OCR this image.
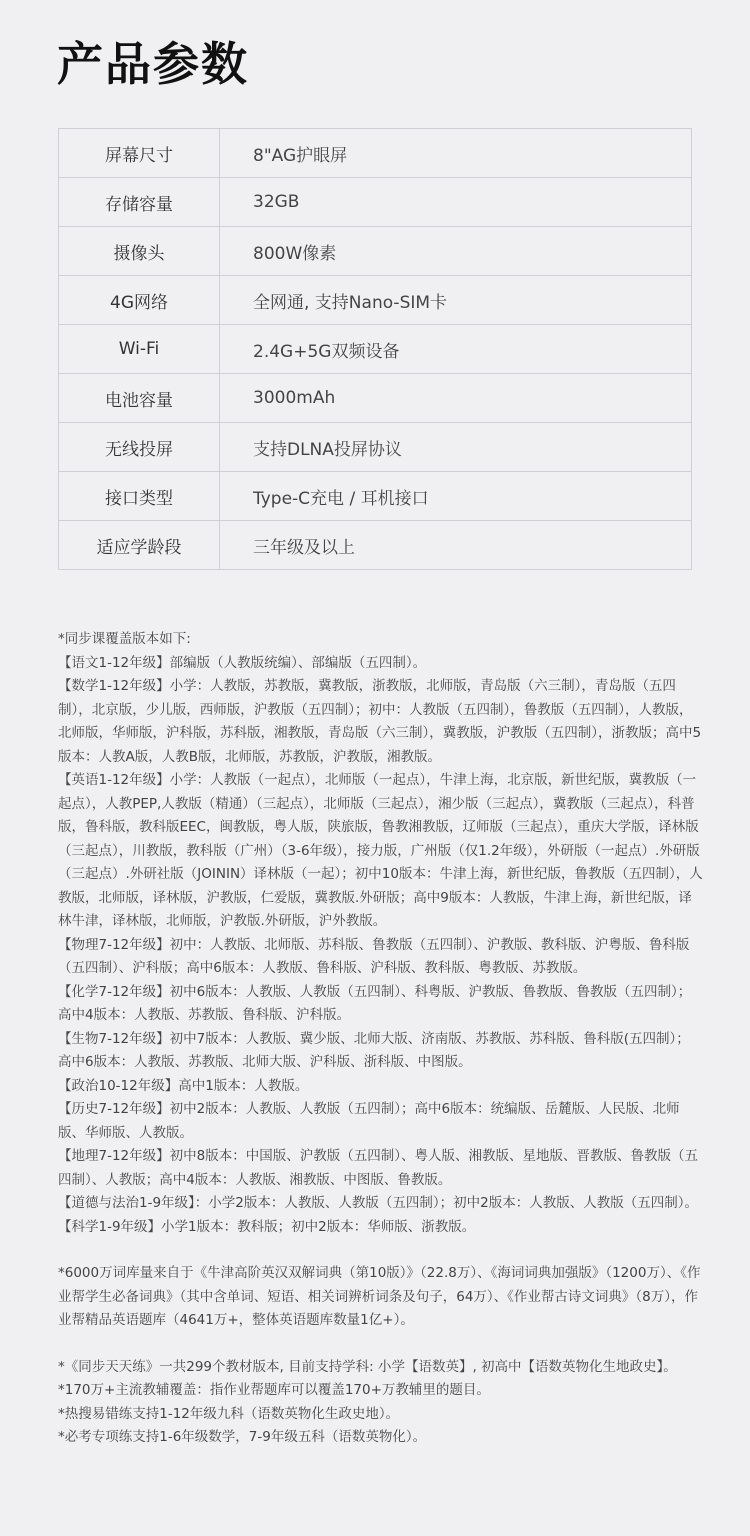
产品参数
屏幕尺寸	8"AG护眼屏
存储容量	32GB
摄像头	800W像素
4G网络	全网通, 支持Nano-SIM卡
Wi-Fi	2.4G+5G双频设备
电池容量	3000mAh
无线投屏	支持DLNA投屏协议
接口类型	Type-C充电 / 耳机接口
适应学龄段	三年级及以上

*同步课覆盖版本如下:

【语文1-12年级】部编版（人教版统编）、部编版（五四制）。

【数学1-12年级】小学：人教版，苏教版，冀教版，浙教版，北师版，青岛版（六三制），青岛版（五四制），北京版，少儿版，西师版，沪教版（五四制）；初中：人教版（五四制），鲁教版（五四制），人教版，北师版，华师版，沪科版，苏科版，湘教版，青岛版（六三制），冀教版，沪教版（五四制），浙教版；高中5版本：人教A版，人教B版，北师版，苏教版，沪教版，湘教版。

【英语1-12年级】小学：人教版（一起点），北师版（一起点），牛津上海，北京版，新世纪版，冀教版（一起点），人教PEP,人教版（精通）（三起点），北师版（三起点），湘少版（三起点），冀教版（三起点），科普版，鲁科版，教科版EEC，闽教版，粤人版，陕旅版，鲁教湘教版，辽师版（三起点），重庆大学版，译林版（三起点），川教版，教科版（广州）（3-6年级），接力版，广州版（仅1.2年级），外研版（一起点）.外研版（三起点）.外研社版（JOININ）译林版（一起）；初中10版本：牛津上海，新世纪版，鲁教版（五四制），人教版，北师版，译林版，沪教版，仁爱版，冀教版.外研版；高中9版本：人教版，牛津上海，新世纪版，译林牛津，译林版，北师版，沪教版.外研版，沪外教版。

【物理7-12年级】初中：人教版、北师版、苏科版、鲁教版（五四制）、沪教版、教科版、沪粤版、鲁科版（五四制）、沪科版；高中6版本：人教版、鲁科版、沪科版、教科版、粤教版、苏教版。

【化学7-12年级】初中6版本：人教版、人教版（五四制）、科粤版、沪教版、鲁教版、鲁教版（五四制）；高中4版本：人教版、苏教版、鲁科版、沪科版。

【生物7-12年级】初中7版本：人教版、冀少版、北师大版、济南版、苏教版、苏科版、鲁科版(五四制）；高中6版本：人教版、苏教版、北师大版、沪科版、浙科版、中图版。

【政治10-12年级】高中1版本：人教版。

【历史7-12年级】初中2版本：人教版、人教版（五四制）；高中6版本：统编版、岳麓版、人民版、北师版、华师版、人教版。

【地理7-12年级】初中8版本：中国版、沪教版（五四制）、粤人版、湘教版、星地版、晋教版、鲁教版（五四制）、人教版；高中4版本：人教版、湘教版、中图版、鲁教版。

【道德与法治1-9年级】：小学2版本：人教版、人教版（五四制）；初中2版本：人教版、人教版（五四制）。

【科学1-9年级】小学1版本：教科版；初中2版本：华师版、浙教版。

*6000万词库量来自于《牛津高阶英汉双解词典（第10版）》（22.8万）、《海词词典加强版》（1200万）、《作业帮学生必备词典》（其中含单词、短语、相关词辨析词条及句子，64万）、《作业帮古诗文词典》（8万），作业帮精品英语题库（4641万+，整体英语题库数量1亿+）。

*《同步天天练》一共299个教材版本, 目前支持学科: 小学【语数英】, 初高中【语数英物化生地政史】。

*170万+主流教辅覆盖：指作业帮题库可以覆盖170+万教辅里的题目。

*热搜易错练支持1-12年级九科（语数英物化生政史地）。

*必考专项练支持1-6年级数学，7-9年级五科（语数英物化）。
